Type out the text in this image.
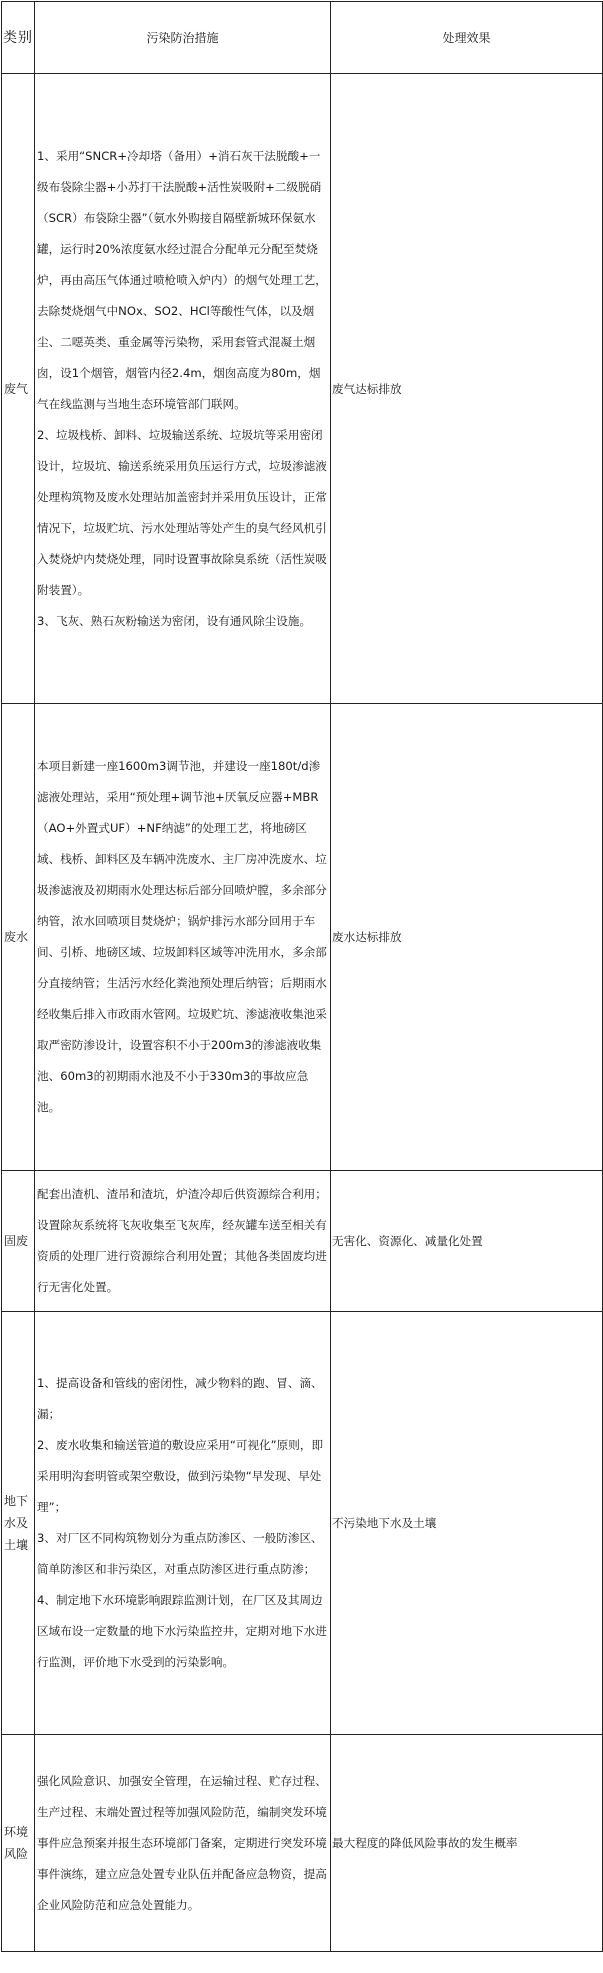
类别	污染防治措施	处理效果
废气	1、采用“SNCR+冷却塔（备用）+消石灰干法脱酸+一级布袋除尘器+小苏打干法脱酸+活性炭吸附+二级脱硝（SCR）布袋除尘器”（氨水外购接自隔壁新城环保氨水罐，运行时20%浓度氨水经过混合分配单元分配至焚烧炉，再由高压气体通过喷枪喷入炉内）的烟气处理工艺，去除焚烧烟气中NOx、SO2、HCl等酸性气体，以及烟尘、二噁英类、重金属等污染物，采用套管式混凝土烟囱，设1个烟管，烟管内径2.4m，烟囱高度为80m，烟气在线监测与当地生态环境管部门联网。
2、垃圾栈桥、卸料、垃圾输送系统、垃圾坑等采用密闭设计，垃圾坑、输送系统采用负压运行方式，垃圾渗滤液处理构筑物及废水处理站加盖密封并采用负压设计，正常情况下，垃圾贮坑、污水处理站等处产生的臭气经风机引入焚烧炉内焚烧处理，同时设置事故除臭系统（活性炭吸附装置）。
3、飞灰、熟石灰粉输送为密闭，设有通风除尘设施。	废气达标排放
废水	本项目新建一座1600m3调节池，并建设一座180t/d渗滤液处理站，采用“预处理+调节池+厌氧反应器+MBR（AO+外置式UF）+NF纳滤”的处理工艺，将地磅区域、栈桥、卸料区及车辆冲洗废水、主厂房冲洗废水、垃圾渗滤液及初期雨水处理达标后部分回喷炉膛，多余部分纳管，浓水回喷项目焚烧炉；锅炉排污水部分回用于车间、引桥、地磅区域、垃圾卸料区域等冲洗用水，多余部分直接纳管；生活污水经化粪池预处理后纳管；后期雨水经收集后排入市政雨水管网。垃圾贮坑、渗滤液收集池采取严密防渗设计，设置容积不小于200m3的渗滤液收集池、60m3的初期雨水池及不小于330m3的事故应急池。	废水达标排放
固废	配套出渣机、渣吊和渣坑，炉渣冷却后供资源综合利用；设置除灰系统将飞灰收集至飞灰库，经灰罐车送至相关有资质的处理厂进行资源综合利用处置；其他各类固废均进行无害化处置。	无害化、资源化、减量化处置
地下水及土壤	1、提高设备和管线的密闭性，减少物料的跑、冒、滴、漏；
2、废水收集和输送管道的敷设应采用“可视化”原则，即采用明沟套明管或架空敷设，做到污染物“早发现、早处理”；
3、对厂区不同构筑物划分为重点防渗区、一般防渗区、简单防渗区和非污染区，对重点防渗区进行重点防渗；
4、制定地下水环境影响跟踪监测计划，在厂区及其周边区域布设一定数量的地下水污染监控井，定期对地下水进行监测，评价地下水受到的污染影响。	不污染地下水及土壤
环境风险	强化风险意识、加强安全管理，在运输过程、贮存过程、生产过程、末端处置过程等加强风险防范，编制突发环境事件应急预案并报生态环境部门备案，定期进行突发环境事件演练，建立应急处置专业队伍并配备应急物资，提高企业风险防范和应急处置能力。	最大程度的降低风险事故的发生概率
